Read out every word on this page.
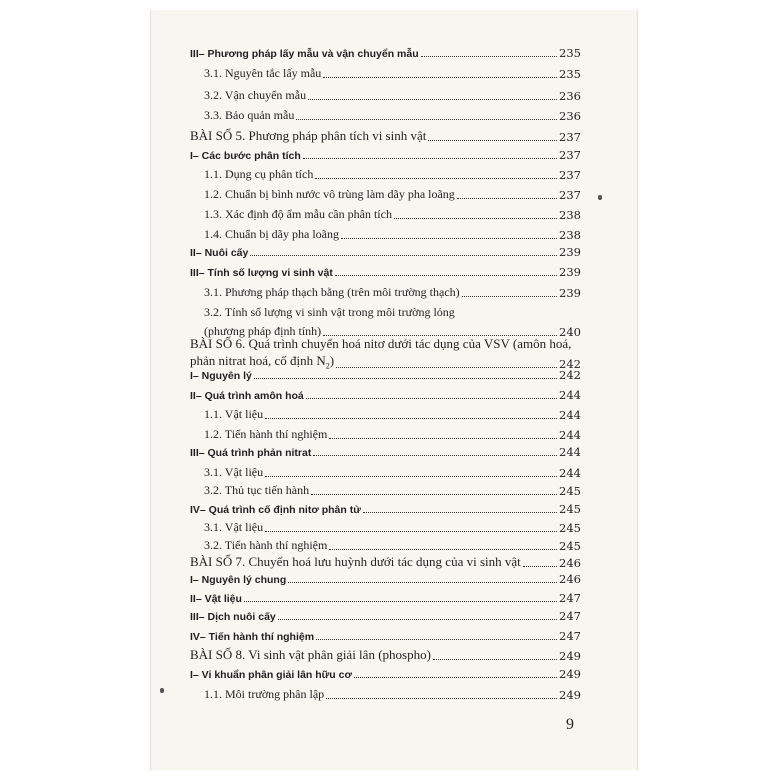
III– Phương pháp lấy mẫu và vận chuyển mẫu	235
3.1. Nguyên tắc lấy mẫu	235
3.2. Vận chuyển mẫu	236
3.3. Bảo quản mẫu	236
BÀI SỐ 5. Phương pháp phân tích vi sinh vật	237
I– Các bước phân tích	237
1.1. Dụng cụ phân tích	237
1.2. Chuẩn bị bình nước vô trùng làm dãy pha loãng	237
1.3. Xác định độ ẩm mẫu cần phân tích	238
1.4. Chuẩn bị dãy pha loãng	238
II– Nuôi cấy	239
III– Tính số lượng vi sinh vật	239
3.1. Phương pháp thạch bằng (trên môi trường thạch)	239
3.2. Tính số lượng vi sinh vật trong môi trường lỏng
(phương pháp định tính)	240
BÀI SỐ 6. Quá trình chuyển hoá nitơ dưới tác dụng của VSV (amôn hoá,
phản nitrat hoá, cố định $N_2$)	242
I– Nguyên lý	242
II– Quá trình amôn hoá	244
1.1. Vật liệu	244
1.2. Tiến hành thí nghiệm	244
III– Quá trình phản nitrat	244
3.1. Vật liệu	244
3.2. Thủ tục tiến hành	245
IV– Quá trình cố định nitơ phân tử	245
3.1. Vật liệu	245
3.2. Tiến hành thí nghiệm	245
BÀI SỐ 7. Chuyển hoá lưu huỳnh dưới tác dụng của vi sinh vật	246
I– Nguyên lý chung	246
II– Vật liệu	247
III– Dịch nuôi cấy	247
IV– Tiến hành thí nghiệm	247
BÀI SỐ 8. Vi sinh vật phân giải lân (phospho)	249
I– Vi khuẩn phân giải lân hữu cơ	249
1.1. Môi trường phân lập	249
9
